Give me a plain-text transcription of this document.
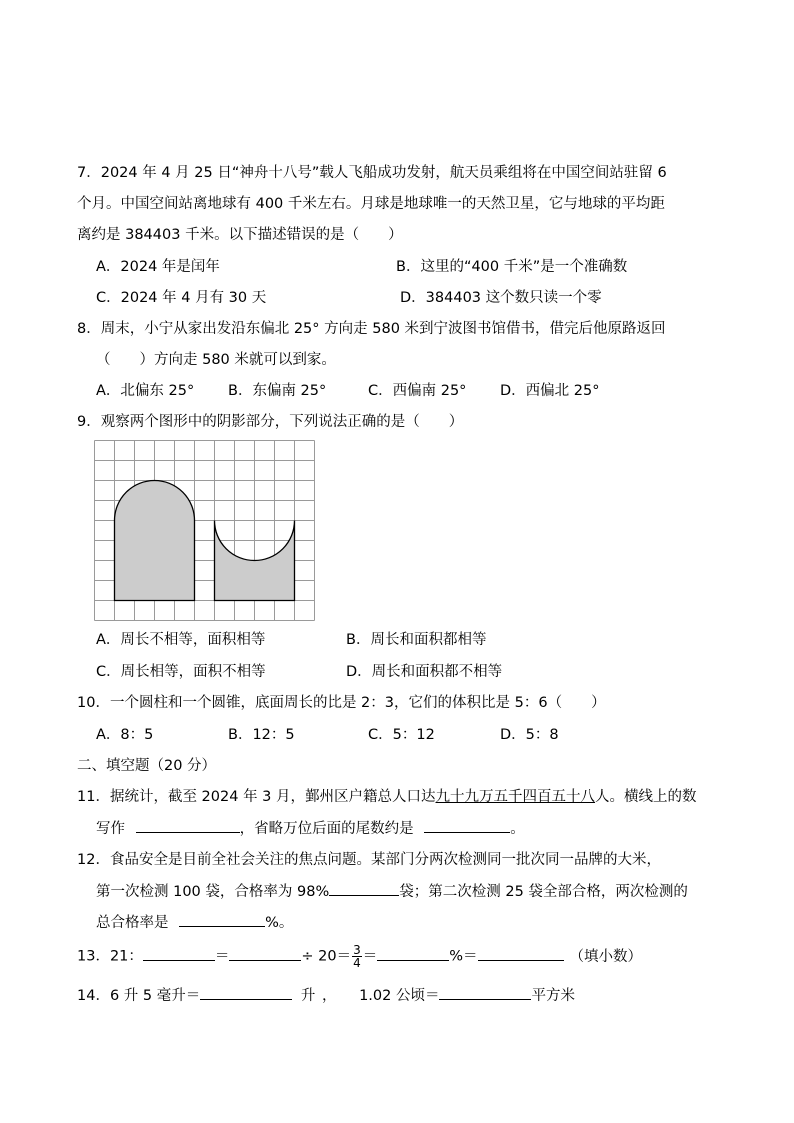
7．2024 年 4 月 25 日“神舟十八号”载人飞船成功发射，航天员乘组将在中国空间站驻留 6
个月。中国空间站离地球有 400 千米左右。月球是地球唯一的天然卫星，它与地球的平均距
离约是 384403 千米。以下描述错误的是（　　）
A．2024 年是闰年	B．这里的“400 千米”是一个准确数
C．2024 年 4 月有 30 天	D．384403 这个数只读一个零
8．周末，小宁从家出发沿东偏北 25° 方向走 580 米到宁波图书馆借书，借完后他原路返回
（　　）方向走 580 米就可以到家。
A．北偏东 25° B．东偏南 25°	C．西偏南 25° D．西偏北 25°
9．观察两个图形中的阴影部分，下列说法正确的是（　　）
A．周长不相等，面积相等	B．周长和面积都相等
C．周长相等，面积不相等	D．周长和面积都不相等
10．一个圆柱和一个圆锥，底面周长的比是 2：3，它们的体积比是 5：6（　　）
A．8：5	B．12：5	C．5：12	D．5：8
二、填空题（20 分）
11．据统计，截至 2024 年 3 月，鄞州区户籍总人口达九十九万五千四百五十八人。横线上的数
写作	，省略万位后面的尾数约是	。
12．食品安全是目前全社会关注的焦点问题。某部门分两次检测同一批次同一品牌的大米，
第一次检测 100 袋，合格率为 98%	袋；第二次检测 25 袋全部合格，两次检测的
总合格率是	%。
13．21：	＝	÷ $20= \frac{3}{4}$ ＝	%＝	（填小数）
14．6 升 5 毫升＝	升 ， 1.02 公顷＝	平方米
